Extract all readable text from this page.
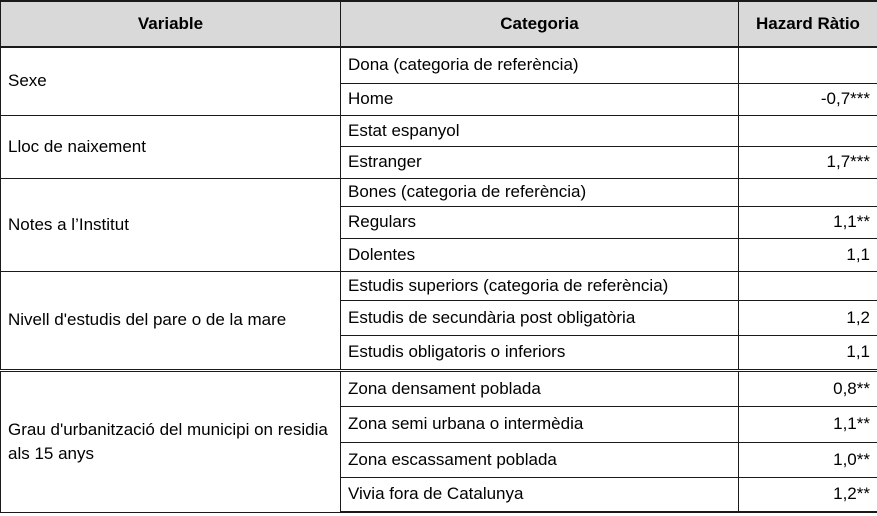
Variable	Categoria	Hazard Ràtio
Sexe	Dona (categoria de referència)	
	Home	-0,7***
Lloc de naixement	Estat espanyol	
	Estranger	1,7***
Notes a l’Institut	Bones (categoria de referència)	
	Regulars	1,1**
	Dolentes	1,1
Nivell d'estudis del pare o de la mare	Estudis superiors (categoria de referència)	
	Estudis de secundària post obligatòria	1,2
	Estudis obligatoris o inferiors	1,1
Grau d'urbanització del municipi on residia als 15 anys	Zona densament poblada	0,8**
	Zona semi urbana o intermèdia	1,1**
	Zona escassament poblada	1,0**
	Vivia fora de Catalunya	1,2**
